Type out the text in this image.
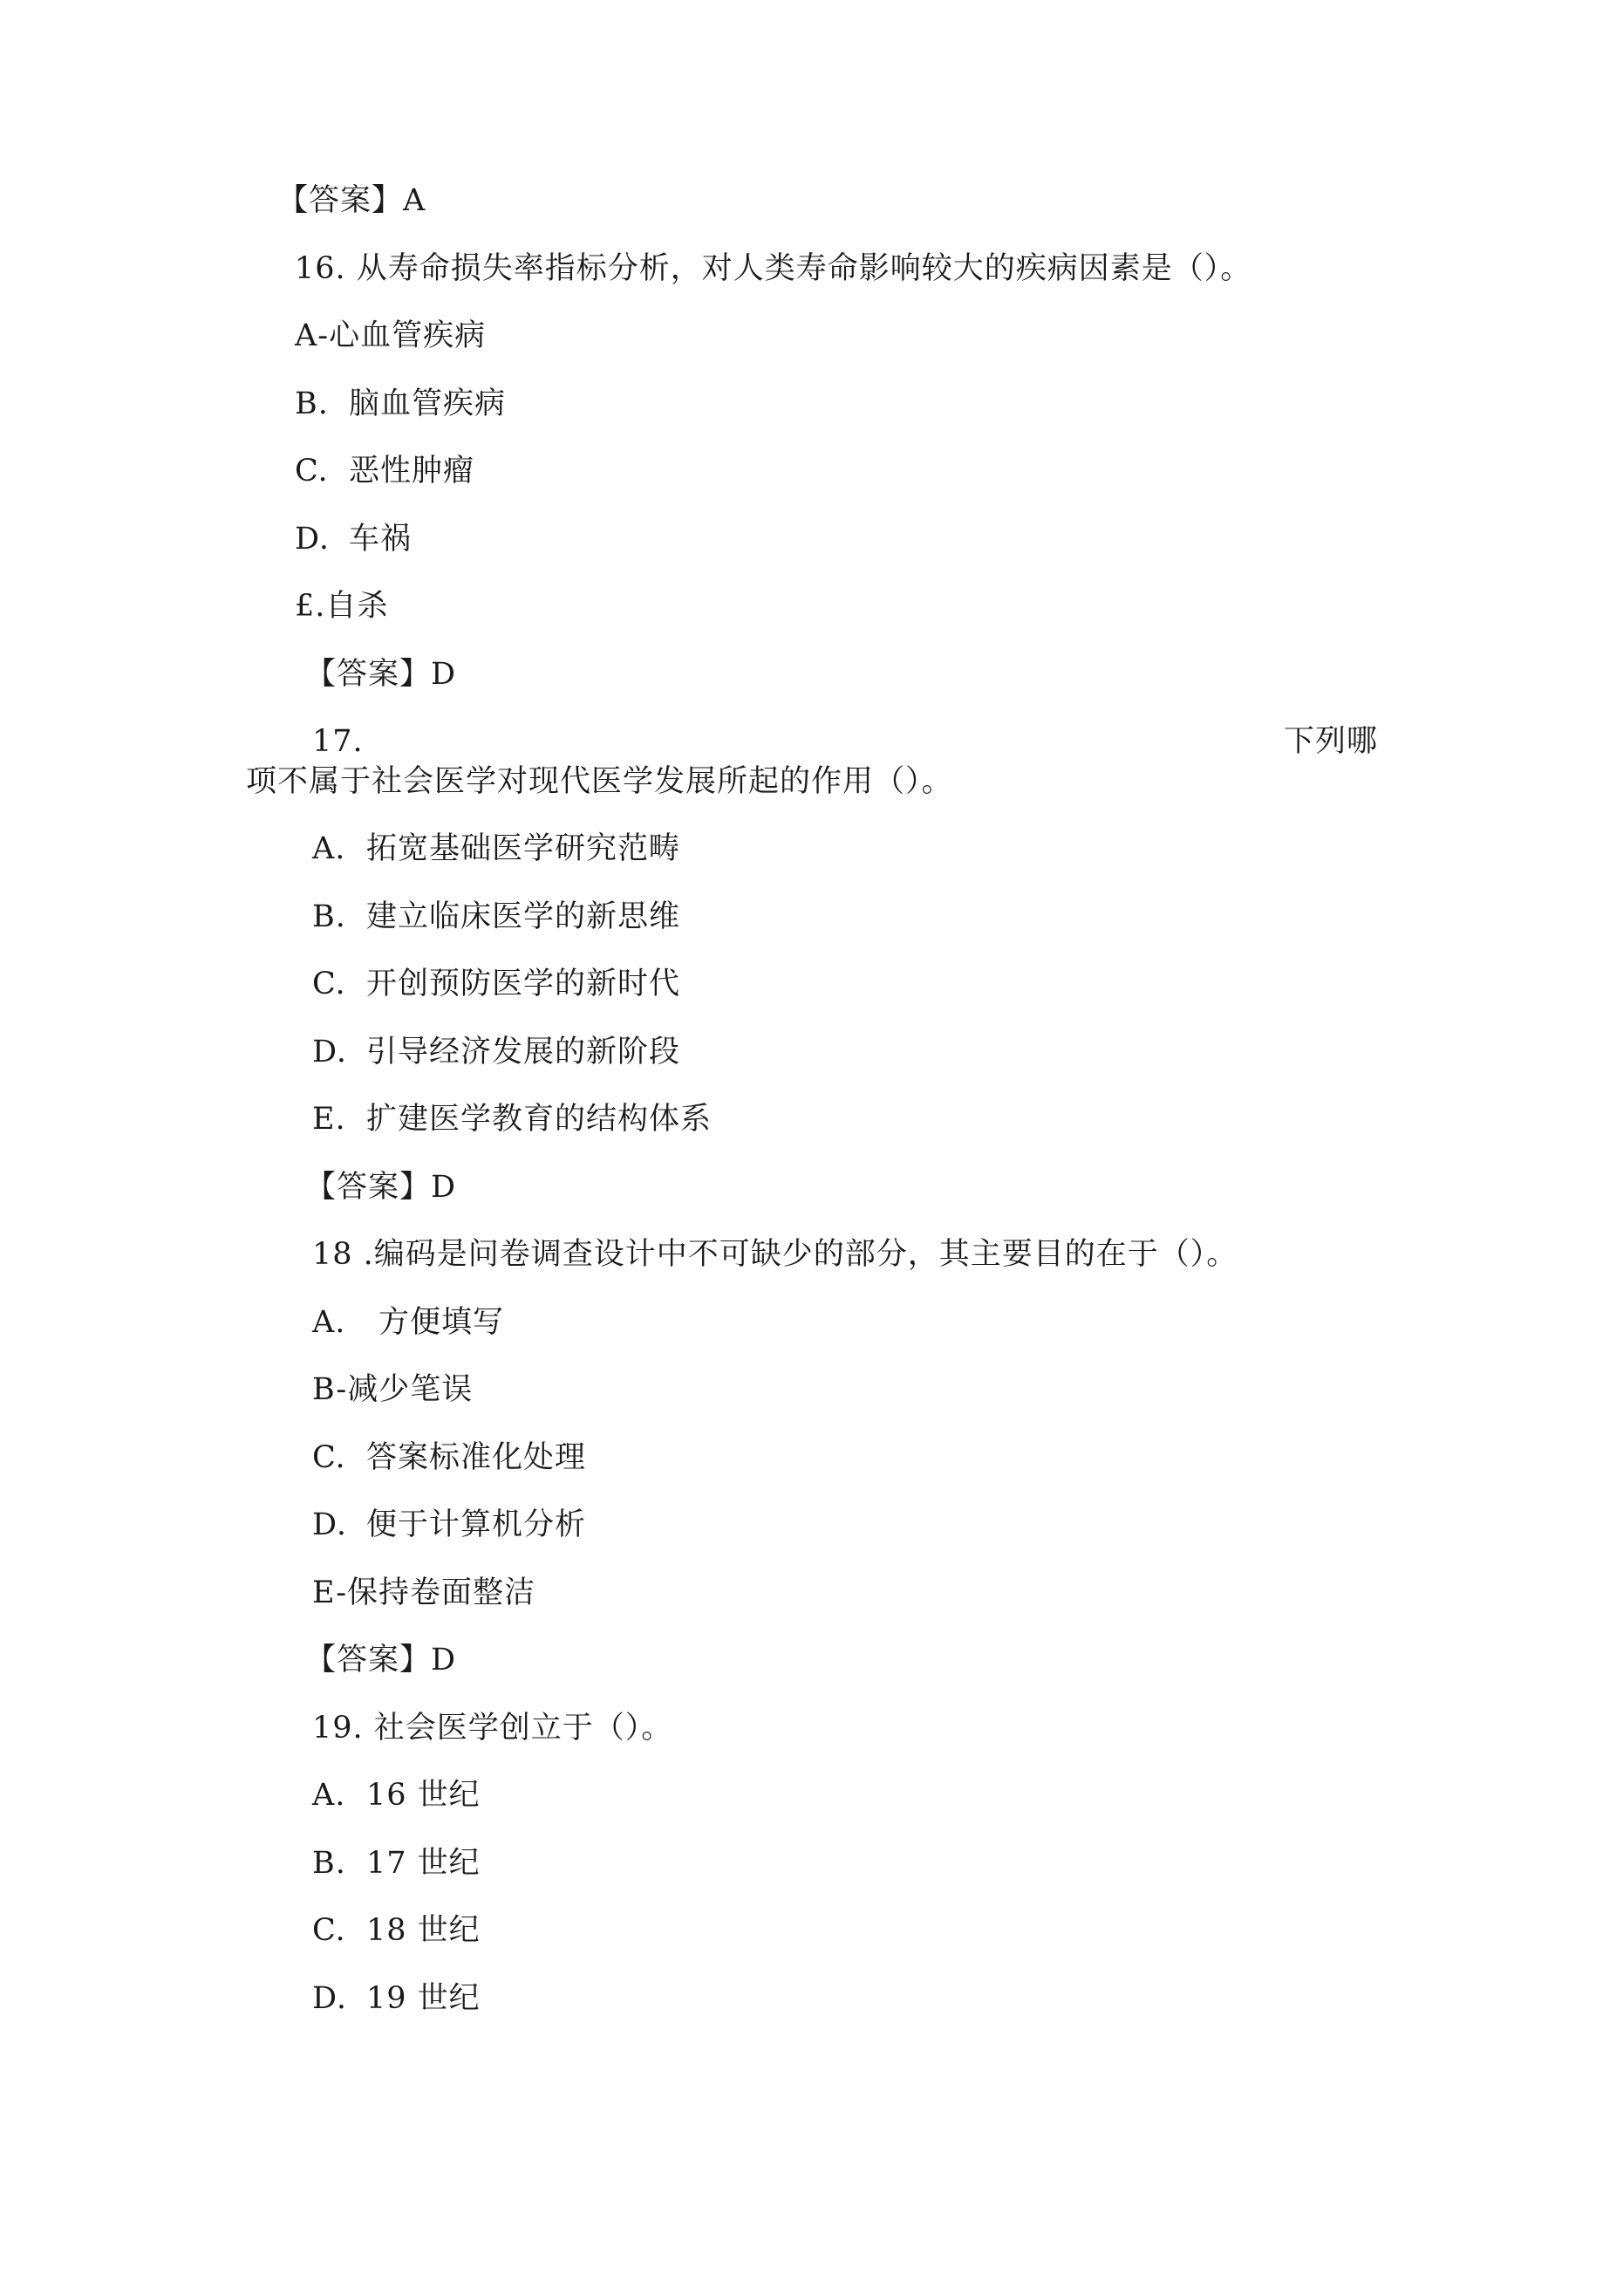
【答案】A
16. 从寿命损失率指标分析，对人类寿命影响较大的疾病因素是（）。
A-心血管疾病
B. 脑血管疾病
C. 恶性肿瘤
D. 车祸
£.自杀
【答案】D
17.	下列哪
项不属于社会医学对现代医学发展所起的作用（）。
A. 拓宽基础医学研究范畴
B. 建立临床医学的新思维
C. 开创预防医学的新时代
D. 引导经济发展的新阶段
E. 扩建医学教育的结构体系
【答案】D
18 .编码是问卷调查设计中不可缺少的部分，其主要目的在于（）。
A. 方便填写
B-减少笔误
C. 答案标准化处理
D. 便于计算机分析
E-保持卷面整洁
【答案】D
19. 社会医学创立于（）。
A. 16 世纪
B. 17 世纪
C. 18 世纪
D. 19 世纪
